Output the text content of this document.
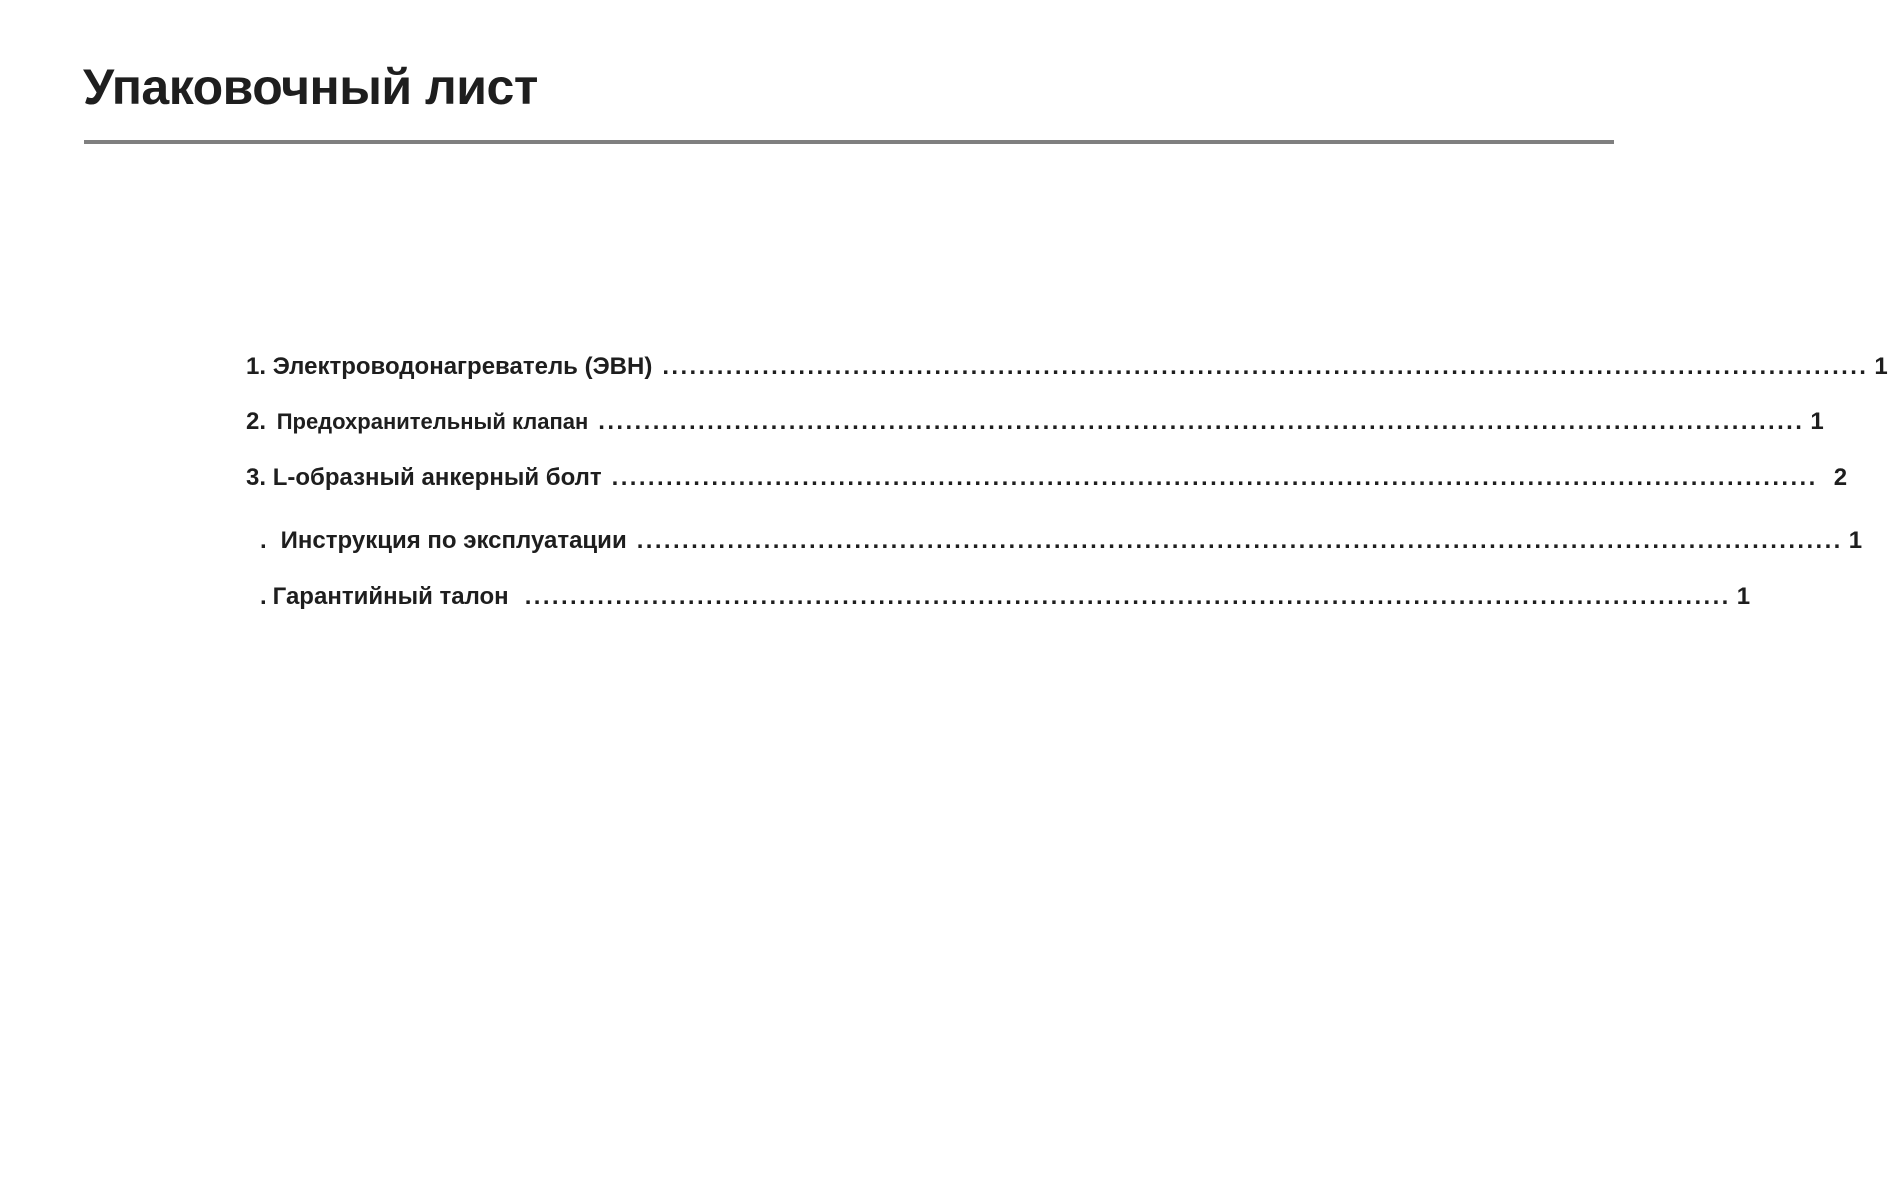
Упаковочный лист
1.
Электроводонагреватель (ЭВН) ..................................................................................................................................... 1
2.
Предохранительный клапан ..................................................................................................................................... 1
3.
L-образный анкерный болт ..................................................................................................................................... 2
. Инструкция по эксплуатации ..................................................................................................................................... 1
. Гарантийный талон ..................................................................................................................................... 1
